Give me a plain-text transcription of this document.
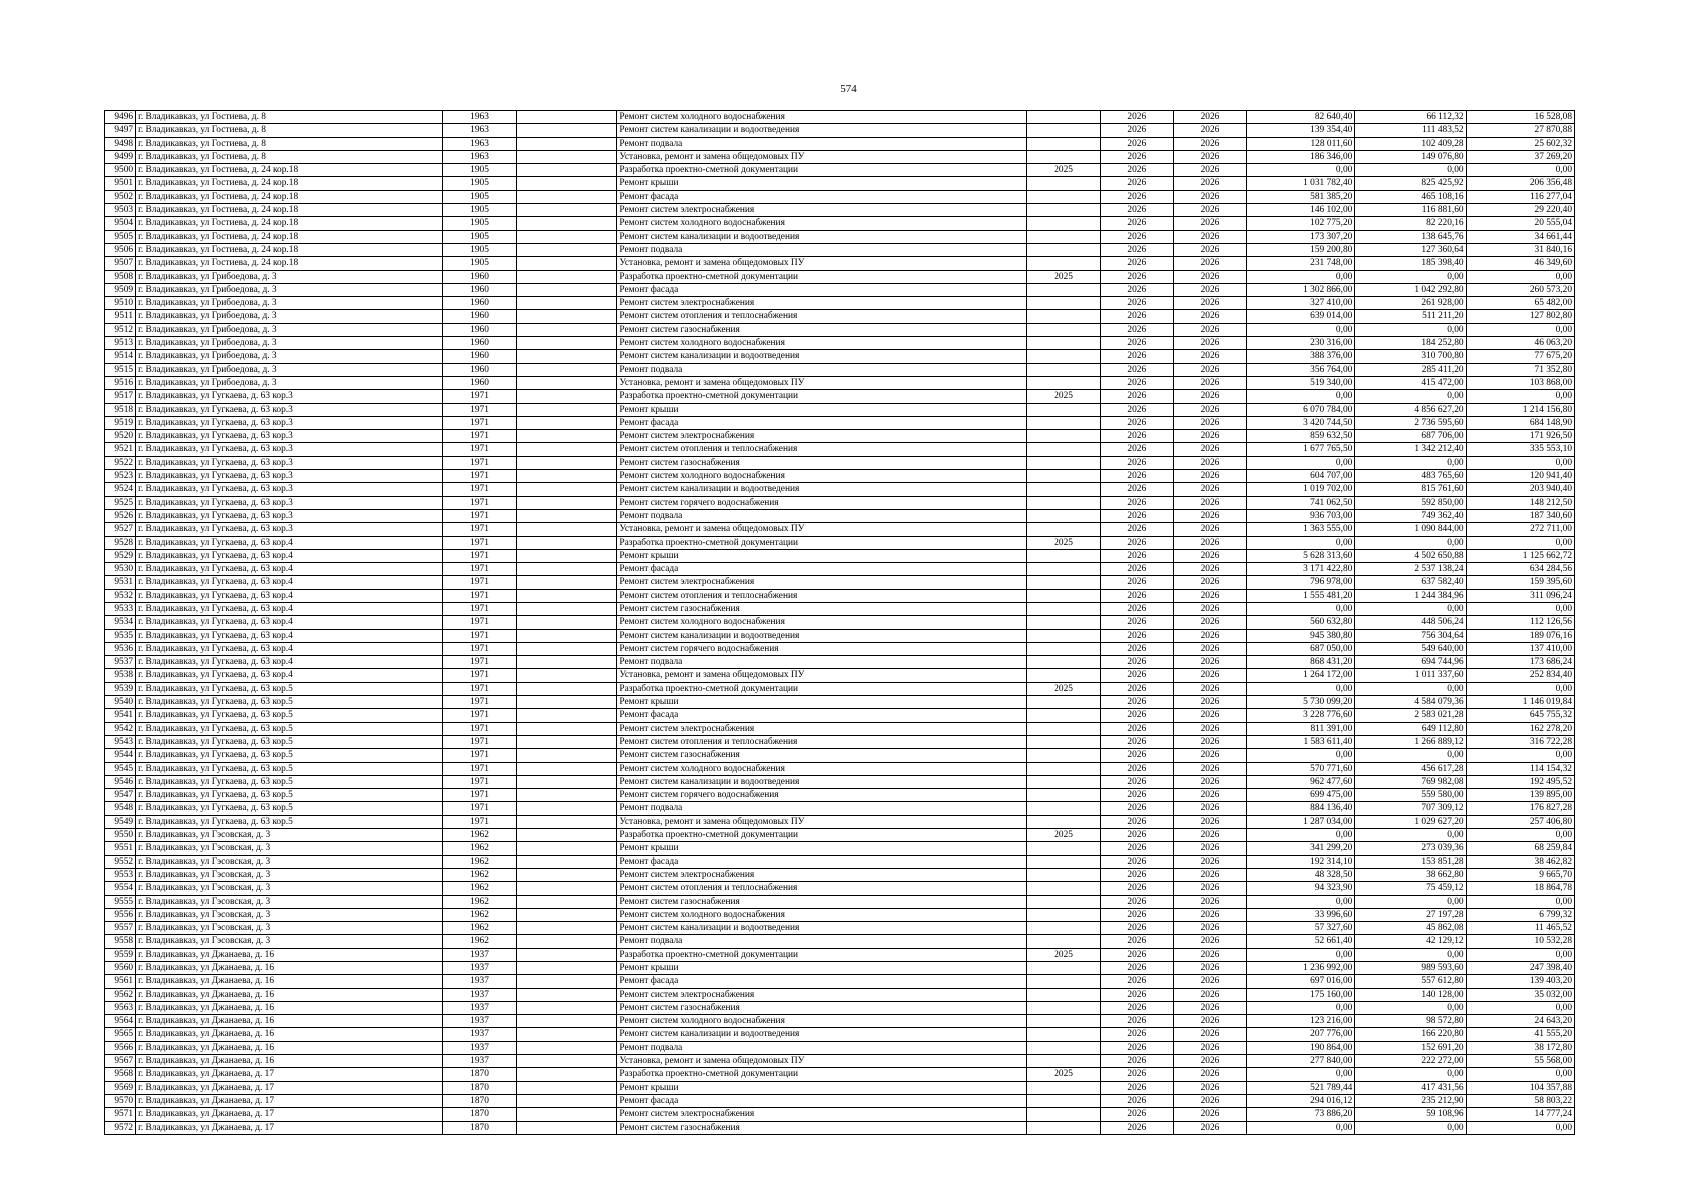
574
9496	г. Владикавказ, ул Гостиева, д. 8	1963		Ремонт систем холодного водоснабжения		2026	2026	82 640,40	66 112,32	16 528,08
9497	г. Владикавказ, ул Гостиева, д. 8	1963		Ремонт систем канализации и водоотведения		2026	2026	139 354,40	111 483,52	27 870,88
9498	г. Владикавказ, ул Гостиева, д. 8	1963		Ремонт подвала		2026	2026	128 011,60	102 409,28	25 602,32
9499	г. Владикавказ, ул Гостиева, д. 8	1963		Установка, ремонт и замена общедомовых ПУ		2026	2026	186 346,00	149 076,80	37 269,20
9500	г. Владикавказ, ул Гостиева, д. 24 кор.18	1905		Разработка проектно-сметной документации	2025	2026	2026	0,00	0,00	0,00
9501	г. Владикавказ, ул Гостиева, д. 24 кор.18	1905		Ремонт крыши		2026	2026	1 031 782,40	825 425,92	206 356,48
9502	г. Владикавказ, ул Гостиева, д. 24 кор.18	1905		Ремонт фасада		2026	2026	581 385,20	465 108,16	116 277,04
9503	г. Владикавказ, ул Гостиева, д. 24 кор.18	1905		Ремонт систем электроснабжения		2026	2026	146 102,00	116 881,60	29 220,40
9504	г. Владикавказ, ул Гостиева, д. 24 кор.18	1905		Ремонт систем холодного водоснабжения		2026	2026	102 775,20	82 220,16	20 555,04
9505	г. Владикавказ, ул Гостиева, д. 24 кор.18	1905		Ремонт систем канализации и водоотведения		2026	2026	173 307,20	138 645,76	34 661,44
9506	г. Владикавказ, ул Гостиева, д. 24 кор.18	1905		Ремонт подвала		2026	2026	159 200,80	127 360,64	31 840,16
9507	г. Владикавказ, ул Гостиева, д. 24 кор.18	1905		Установка, ремонт и замена общедомовых ПУ		2026	2026	231 748,00	185 398,40	46 349,60
9508	г. Владикавказ, ул Грибоедова, д. 3	1960		Разработка проектно-сметной документации	2025	2026	2026	0,00	0,00	0,00
9509	г. Владикавказ, ул Грибоедова, д. 3	1960		Ремонт фасада		2026	2026	1 302 866,00	1 042 292,80	260 573,20
9510	г. Владикавказ, ул Грибоедова, д. 3	1960		Ремонт систем электроснабжения		2026	2026	327 410,00	261 928,00	65 482,00
9511	г. Владикавказ, ул Грибоедова, д. 3	1960		Ремонт систем отопления и теплоснабжения		2026	2026	639 014,00	511 211,20	127 802,80
9512	г. Владикавказ, ул Грибоедова, д. 3	1960		Ремонт систем газоснабжения		2026	2026	0,00	0,00	0,00
9513	г. Владикавказ, ул Грибоедова, д. 3	1960		Ремонт систем холодного водоснабжения		2026	2026	230 316,00	184 252,80	46 063,20
9514	г. Владикавказ, ул Грибоедова, д. 3	1960		Ремонт систем канализации и водоотведения		2026	2026	388 376,00	310 700,80	77 675,20
9515	г. Владикавказ, ул Грибоедова, д. 3	1960		Ремонт подвала		2026	2026	356 764,00	285 411,20	71 352,80
9516	г. Владикавказ, ул Грибоедова, д. 3	1960		Установка, ремонт и замена общедомовых ПУ		2026	2026	519 340,00	415 472,00	103 868,00
9517	г. Владикавказ, ул Гугкаева, д. 63 кор.3	1971		Разработка проектно-сметной документации	2025	2026	2026	0,00	0,00	0,00
9518	г. Владикавказ, ул Гугкаева, д. 63 кор.3	1971		Ремонт крыши		2026	2026	6 070 784,00	4 856 627,20	1 214 156,80
9519	г. Владикавказ, ул Гугкаева, д. 63 кор.3	1971		Ремонт фасада		2026	2026	3 420 744,50	2 736 595,60	684 148,90
9520	г. Владикавказ, ул Гугкаева, д. 63 кор.3	1971		Ремонт систем электроснабжения		2026	2026	859 632,50	687 706,00	171 926,50
9521	г. Владикавказ, ул Гугкаева, д. 63 кор.3	1971		Ремонт систем отопления и теплоснабжения		2026	2026	1 677 765,50	1 342 212,40	335 553,10
9522	г. Владикавказ, ул Гугкаева, д. 63 кор.3	1971		Ремонт систем газоснабжения		2026	2026	0,00	0,00	0,00
9523	г. Владикавказ, ул Гугкаева, д. 63 кор.3	1971		Ремонт систем холодного водоснабжения		2026	2026	604 707,00	483 765,60	120 941,40
9524	г. Владикавказ, ул Гугкаева, д. 63 кор.3	1971		Ремонт систем канализации и водоотведения		2026	2026	1 019 702,00	815 761,60	203 940,40
9525	г. Владикавказ, ул Гугкаева, д. 63 кор.3	1971		Ремонт систем горячего водоснабжения		2026	2026	741 062,50	592 850,00	148 212,50
9526	г. Владикавказ, ул Гугкаева, д. 63 кор.3	1971		Ремонт подвала		2026	2026	936 703,00	749 362,40	187 340,60
9527	г. Владикавказ, ул Гугкаева, д. 63 кор.3	1971		Установка, ремонт и замена общедомовых ПУ		2026	2026	1 363 555,00	1 090 844,00	272 711,00
9528	г. Владикавказ, ул Гугкаева, д. 63 кор.4	1971		Разработка проектно-сметной документации	2025	2026	2026	0,00	0,00	0,00
9529	г. Владикавказ, ул Гугкаева, д. 63 кор.4	1971		Ремонт крыши		2026	2026	5 628 313,60	4 502 650,88	1 125 662,72
9530	г. Владикавказ, ул Гугкаева, д. 63 кор.4	1971		Ремонт фасада		2026	2026	3 171 422,80	2 537 138,24	634 284,56
9531	г. Владикавказ, ул Гугкаева, д. 63 кор.4	1971		Ремонт систем электроснабжения		2026	2026	796 978,00	637 582,40	159 395,60
9532	г. Владикавказ, ул Гугкаева, д. 63 кор.4	1971		Ремонт систем отопления и теплоснабжения		2026	2026	1 555 481,20	1 244 384,96	311 096,24
9533	г. Владикавказ, ул Гугкаева, д. 63 кор.4	1971		Ремонт систем газоснабжения		2026	2026	0,00	0,00	0,00
9534	г. Владикавказ, ул Гугкаева, д. 63 кор.4	1971		Ремонт систем холодного водоснабжения		2026	2026	560 632,80	448 506,24	112 126,56
9535	г. Владикавказ, ул Гугкаева, д. 63 кор.4	1971		Ремонт систем канализации и водоотведения		2026	2026	945 380,80	756 304,64	189 076,16
9536	г. Владикавказ, ул Гугкаева, д. 63 кор.4	1971		Ремонт систем горячего водоснабжения		2026	2026	687 050,00	549 640,00	137 410,00
9537	г. Владикавказ, ул Гугкаева, д. 63 кор.4	1971		Ремонт подвала		2026	2026	868 431,20	694 744,96	173 686,24
9538	г. Владикавказ, ул Гугкаева, д. 63 кор.4	1971		Установка, ремонт и замена общедомовых ПУ		2026	2026	1 264 172,00	1 011 337,60	252 834,40
9539	г. Владикавказ, ул Гугкаева, д. 63 кор.5	1971		Разработка проектно-сметной документации	2025	2026	2026	0,00	0,00	0,00
9540	г. Владикавказ, ул Гугкаева, д. 63 кор.5	1971		Ремонт крыши		2026	2026	5 730 099,20	4 584 079,36	1 146 019,84
9541	г. Владикавказ, ул Гугкаева, д. 63 кор.5	1971		Ремонт фасада		2026	2026	3 228 776,60	2 583 021,28	645 755,32
9542	г. Владикавказ, ул Гугкаева, д. 63 кор.5	1971		Ремонт систем электроснабжения		2026	2026	811 391,00	649 112,80	162 278,20
9543	г. Владикавказ, ул Гугкаева, д. 63 кор.5	1971		Ремонт систем отопления и теплоснабжения		2026	2026	1 583 611,40	1 266 889,12	316 722,28
9544	г. Владикавказ, ул Гугкаева, д. 63 кор.5	1971		Ремонт систем газоснабжения		2026	2026	0,00	0,00	0,00
9545	г. Владикавказ, ул Гугкаева, д. 63 кор.5	1971		Ремонт систем холодного водоснабжения		2026	2026	570 771,60	456 617,28	114 154,32
9546	г. Владикавказ, ул Гугкаева, д. 63 кор.5	1971		Ремонт систем канализации и водоотведения		2026	2026	962 477,60	769 982,08	192 495,52
9547	г. Владикавказ, ул Гугкаева, д. 63 кор.5	1971		Ремонт систем горячего водоснабжения		2026	2026	699 475,00	559 580,00	139 895,00
9548	г. Владикавказ, ул Гугкаева, д. 63 кор.5	1971		Ремонт подвала		2026	2026	884 136,40	707 309,12	176 827,28
9549	г. Владикавказ, ул Гугкаева, д. 63 кор.5	1971		Установка, ремонт и замена общедомовых ПУ		2026	2026	1 287 034,00	1 029 627,20	257 406,80
9550	г. Владикавказ, ул Гэсовская, д. 3	1962		Разработка проектно-сметной документации	2025	2026	2026	0,00	0,00	0,00
9551	г. Владикавказ, ул Гэсовская, д. 3	1962		Ремонт крыши		2026	2026	341 299,20	273 039,36	68 259,84
9552	г. Владикавказ, ул Гэсовская, д. 3	1962		Ремонт фасада		2026	2026	192 314,10	153 851,28	38 462,82
9553	г. Владикавказ, ул Гэсовская, д. 3	1962		Ремонт систем электроснабжения		2026	2026	48 328,50	38 662,80	9 665,70
9554	г. Владикавказ, ул Гэсовская, д. 3	1962		Ремонт систем отопления и теплоснабжения		2026	2026	94 323,90	75 459,12	18 864,78
9555	г. Владикавказ, ул Гэсовская, д. 3	1962		Ремонт систем газоснабжения		2026	2026	0,00	0,00	0,00
9556	г. Владикавказ, ул Гэсовская, д. 3	1962		Ремонт систем холодного водоснабжения		2026	2026	33 996,60	27 197,28	6 799,32
9557	г. Владикавказ, ул Гэсовская, д. 3	1962		Ремонт систем канализации и водоотведения		2026	2026	57 327,60	45 862,08	11 465,52
9558	г. Владикавказ, ул Гэсовская, д. 3	1962		Ремонт подвала		2026	2026	52 661,40	42 129,12	10 532,28
9559	г. Владикавказ, ул Джанаева, д. 16	1937		Разработка проектно-сметной документации	2025	2026	2026	0,00	0,00	0,00
9560	г. Владикавказ, ул Джанаева, д. 16	1937		Ремонт крыши		2026	2026	1 236 992,00	989 593,60	247 398,40
9561	г. Владикавказ, ул Джанаева, д. 16	1937		Ремонт фасада		2026	2026	697 016,00	557 612,80	139 403,20
9562	г. Владикавказ, ул Джанаева, д. 16	1937		Ремонт систем электроснабжения		2026	2026	175 160,00	140 128,00	35 032,00
9563	г. Владикавказ, ул Джанаева, д. 16	1937		Ремонт систем газоснабжения		2026	2026	0,00	0,00	0,00
9564	г. Владикавказ, ул Джанаева, д. 16	1937		Ремонт систем холодного водоснабжения		2026	2026	123 216,00	98 572,80	24 643,20
9565	г. Владикавказ, ул Джанаева, д. 16	1937		Ремонт систем канализации и водоотведения		2026	2026	207 776,00	166 220,80	41 555,20
9566	г. Владикавказ, ул Джанаева, д. 16	1937		Ремонт подвала		2026	2026	190 864,00	152 691,20	38 172,80
9567	г. Владикавказ, ул Джанаева, д. 16	1937		Установка, ремонт и замена общедомовых ПУ		2026	2026	277 840,00	222 272,00	55 568,00
9568	г. Владикавказ, ул Джанаева, д. 17	1870		Разработка проектно-сметной документации	2025	2026	2026	0,00	0,00	0,00
9569	г. Владикавказ, ул Джанаева, д. 17	1870		Ремонт крыши		2026	2026	521 789,44	417 431,56	104 357,88
9570	г. Владикавказ, ул Джанаева, д. 17	1870		Ремонт фасада		2026	2026	294 016,12	235 212,90	58 803,22
9571	г. Владикавказ, ул Джанаева, д. 17	1870		Ремонт систем электроснабжения		2026	2026	73 886,20	59 108,96	14 777,24
9572	г. Владикавказ, ул Джанаева, д. 17	1870		Ремонт систем газоснабжения		2026	2026	0,00	0,00	0,00
